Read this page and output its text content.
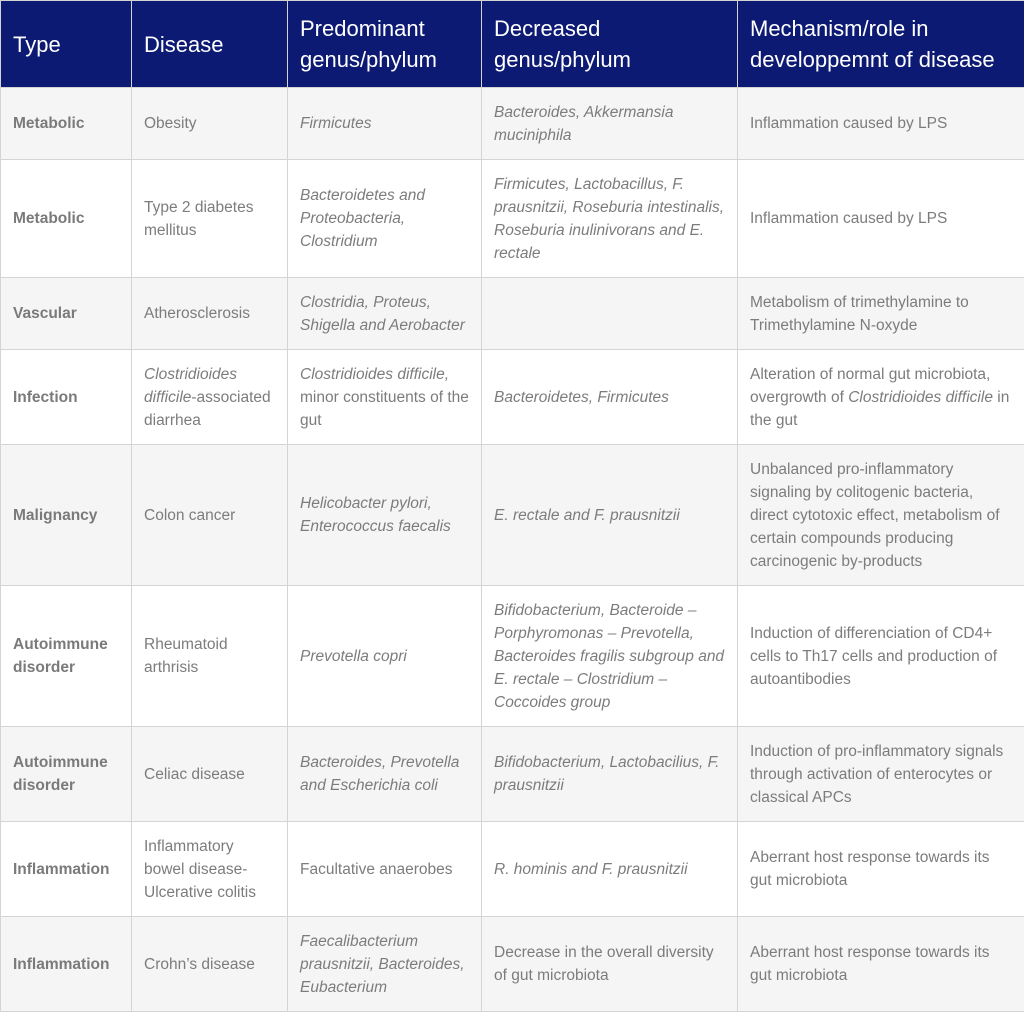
Type	Disease	Predominant genus/phylum	Decreased genus/phylum	Mechanism/role in developpemnt of disease
Metabolic	Obesity	Firmicutes	Bacteroides, Akkermansia muciniphila	Inflammation caused by LPS
Metabolic	Type 2 diabetes mellitus	Bacteroidetes and Proteobacteria, Clostridium	Firmicutes, Lactobacillus, F. prausnitzii, Roseburia intestinalis, Roseburia inulinivorans and E. rectale	Inflammation caused by LPS
Vascular	Atherosclerosis	Clostridia, Proteus, Shigella and Aerobacter		Metabolism of trimethylamine to Trimethylamine N-oxyde
Infection	Clostridioides difficile-associated diarrhea	Clostridioides difficile, minor constituents of the gut	Bacteroidetes, Firmicutes	Alteration of normal gut microbiota, overgrowth of Clostridioides difficile in the gut
Malignancy	Colon cancer	Helicobacter pylori, Enterococcus faecalis	E. rectale and F. prausnitzii	Unbalanced pro-inflammatory signaling by colitogenic bacteria, direct cytotoxic effect, metabolism of certain compounds producing carcinogenic by-products
Autoimmune disorder	Rheumatoid arthrisis	Prevotella copri	Bifidobacterium, Bacteroide – Porphyromonas – Prevotella, Bacteroides fragilis subgroup and E. rectale – Clostridium – Coccoides group	Induction of differenciation of CD4+ cells to Th17 cells and production of autoantibodies
Autoimmune disorder	Celiac disease	Bacteroides, Prevotella and Escherichia coli	Bifidobacterium, Lactobacilius, F. prausnitzii	Induction of pro-inflammatory signals through activation of enterocytes or classical APCs
Inflammation	Inflammatory bowel disease-Ulcerative colitis	Facultative anaerobes	R. hominis and F. prausnitzii	Aberrant host response towards its gut microbiota
Inflammation	Crohn’s disease	Faecalibacterium prausnitzii, Bacteroides, Eubacterium	Decrease in the overall diversity of gut microbiota	Aberrant host response towards its gut microbiota
